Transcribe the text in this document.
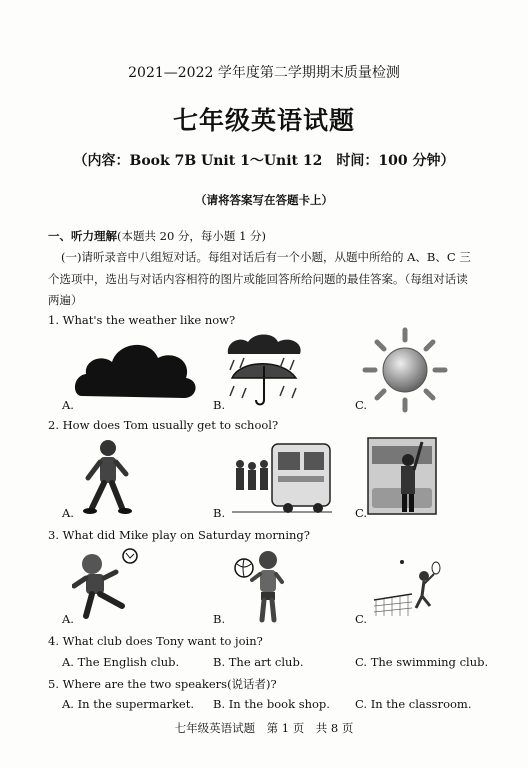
2021—2022 学年度第二学期期末质量检测
七年级英语试题
（内容：Book 7B Unit 1～Unit 12　时间：100 分钟）
（请将答案写在答题卡上）
一、听力理解(本题共 20 分，每小题 1 分)
(一)请听录音中八组短对话。每组对话后有一个小题，从题中所给的 A、B、C 三
个选项中，选出与对话内容相符的图片或能回答所给问题的最佳答案。（每组对话读
两遍）
1. What's the weather like now?
A.	B.	C.
2. How does Tom usually get to school?
A.	B.	C.
3. What did Mike play on Saturday morning?
A.	B.	C.
4. What club does Tony want to join?
A. The English club.	B. The art club.	C. The swimming club.
5. Where are the two speakers(说话者)?
A. In the supermarket. B. In the book shop. C. In the classroom.
七年级英语试题　第 1 页　共 8 页
